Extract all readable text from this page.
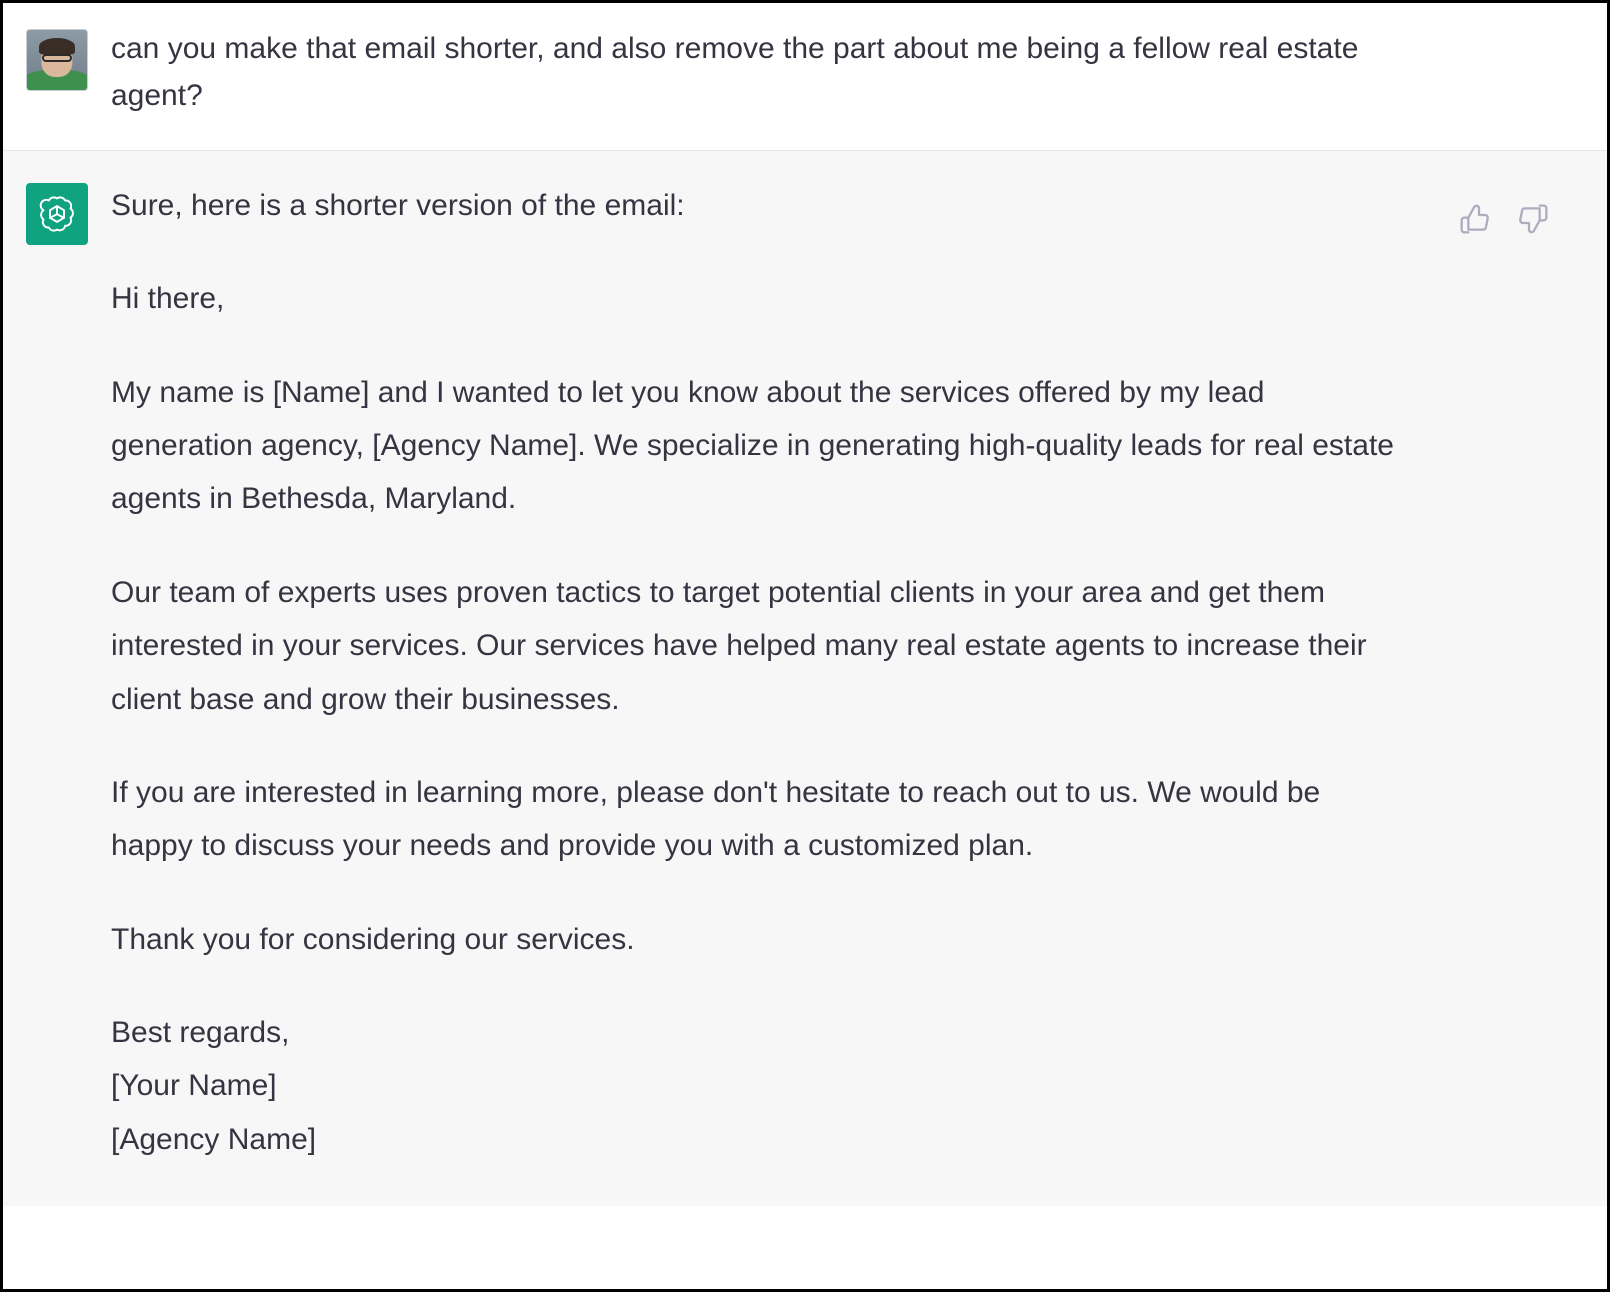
can you make that email shorter, and also remove the part about me being a fellow real estate agent?

Sure, here is a shorter version of the email:

Hi there,

My name is [Name] and I wanted to let you know about the services offered by my lead generation agency, [Agency Name]. We specialize in generating high-quality leads for real estate agents in Bethesda, Maryland.

Our team of experts uses proven tactics to target potential clients in your area and get them interested in your services. Our services have helped many real estate agents to increase their client base and grow their businesses.

If you are interested in learning more, please don't hesitate to reach out to us. We would be happy to discuss your needs and provide you with a customized plan.

Thank you for considering our services.

Best regards,
[Your Name]
[Agency Name]
